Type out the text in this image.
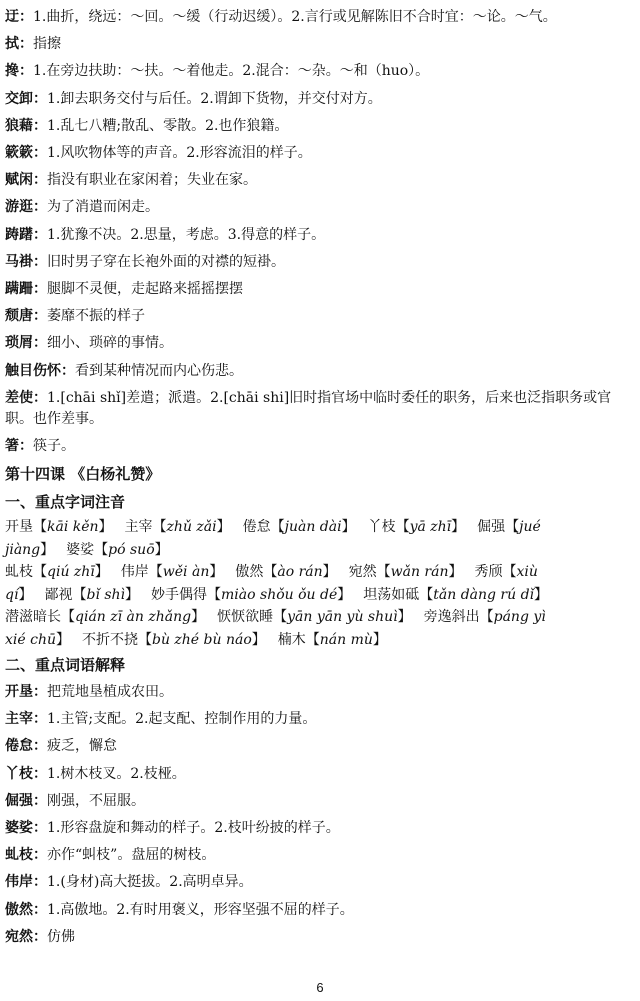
迂：1.曲折，绕远：～回。～缓（行动迟缓）。2.言行或见解陈旧不合时宜：～论。～气。
拭：指擦
搀：1.在旁边扶助：～扶。～着他走。2.混合：～杂。～和（huo）。
交卸：1.卸去职务交付与后任。2.谓卸下货物，并交付对方。
狼藉：1.乱七八糟;散乱、零散。2.也作狼籍。
簌簌：1.风吹物体等的声音。2.形容流泪的样子。
赋闲：指没有职业在家闲着；失业在家。
游逛：为了消遣而闲走。
踌躇：1.犹豫不决。2.思量，考虑。3.得意的样子。
马褂：旧时男子穿在长袍外面的对襟的短褂。
蹒跚：腿脚不灵便，走起路来摇摇摆摆
颓唐：萎靡不振的样子
琐屑：细小、琐碎的事情。
触目伤怀：看到某种情况而内心伤悲。
差使：1.[chāi shǐ]差遣；派遣。2.[chāi shi]旧时指官场中临时委任的职务，后来也泛指职务或官职。也作差事。
箸：筷子。
第十四课 《白杨礼赞》
一、重点字词注音
开垦【kāi kěn】 主宰【zhǔ zǎi】 倦怠【juàn dài】 丫枝【yā zhī】 倔强【jué
jiàng】 婆娑【pó suō】
虬枝【qiú zhī】 伟岸【wěi àn】 傲然【ào rán】 宛然【wǎn rán】 秀颀【xiù
qí】 鄙视【bǐ shì】 妙手偶得【miào shǒu ǒu dé】 坦荡如砥【tǎn dàng rú dǐ】
潜滋暗长【qián zī àn zhǎng】 恹恹欲睡【yān yān yù shuì】 旁逸斜出【páng yì
xié chū】 不折不挠【bù zhé bù náo】 楠木【nán mù】
二、重点词语解释
开垦：把荒地垦植成农田。
主宰：1.主管;支配。2.起支配、控制作用的力量。
倦怠：疲乏，懈怠
丫枝：1.树木枝叉。2.枝桠。
倔强：刚强，不屈服。
婆娑：1.形容盘旋和舞动的样子。2.枝叶纷披的样子。
虬枝：亦作“虯枝”。盘屈的树枝。
伟岸：1.(身材)高大挺拔。2.高明卓异。
傲然：1.高傲地。2.有时用褒义，形容坚强不屈的样子。
宛然：仿佛
6
